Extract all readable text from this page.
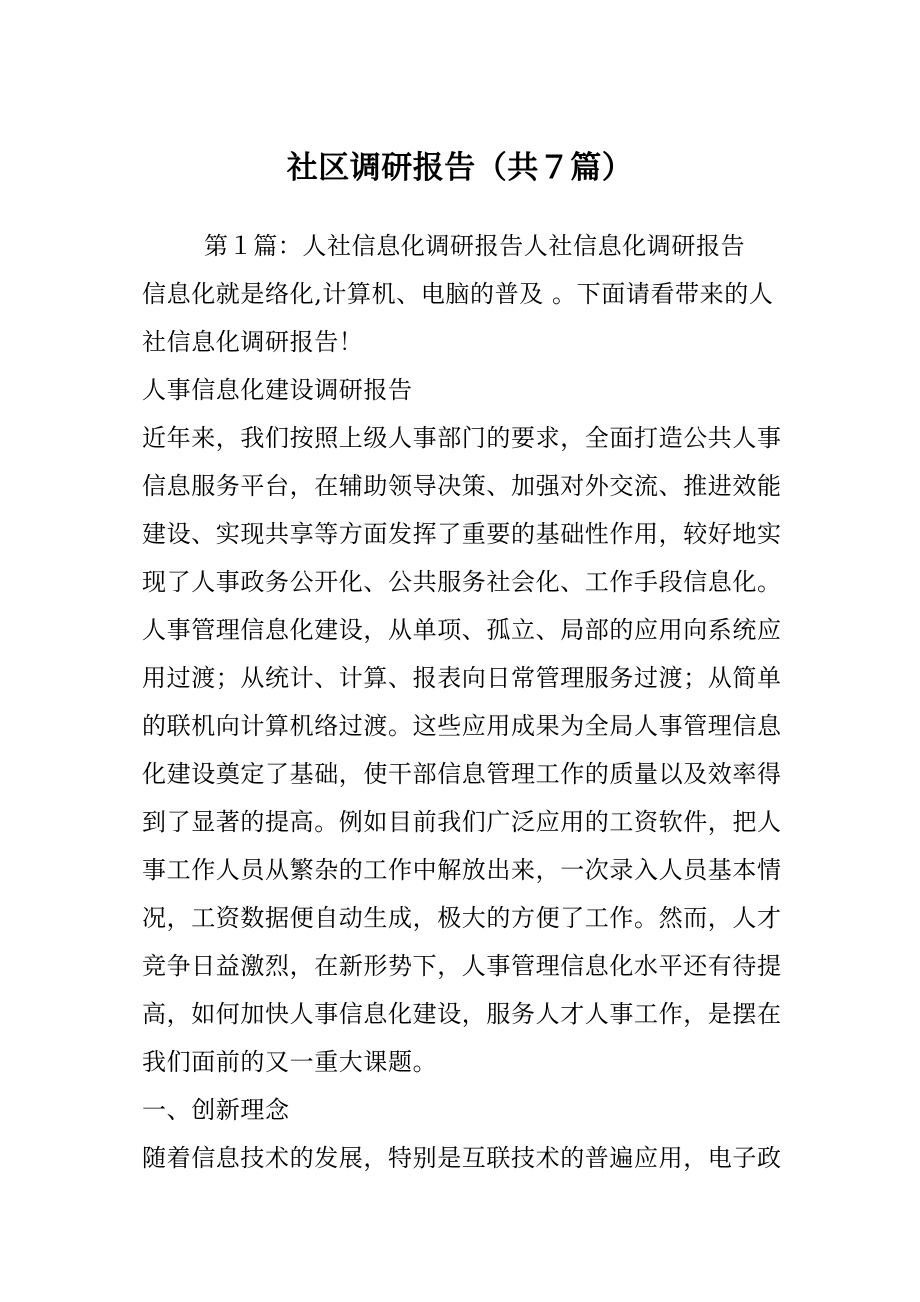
社区调研报告（共７篇）
第１篇：人社信息化调研报告人社信息化调研报告
信息化就是络化,计算机、电脑的普及 。下面请看带来的人
社信息化调研报告！
人事信息化建设调研报告
近年来，我们按照上级人事部门的要求，全面打造公共人事
信息服务平台，在辅助领导决策、加强对外交流、推进效能
建设、实现共享等方面发挥了重要的基础性作用，较好地实
现了人事政务公开化、公共服务社会化、工作手段信息化。
人事管理信息化建设，从单项、孤立、局部的应用向系统应
用过渡；从统计、计算、报表向日常管理服务过渡；从简单
的联机向计算机络过渡。这些应用成果为全局人事管理信息
化建设奠定了基础，使干部信息管理工作的质量以及效率得
到了显著的提高。例如目前我们广泛应用的工资软件，把人
事工作人员从繁杂的工作中解放出来，一次录入人员基本情
况，工资数据便自动生成，极大的方便了工作。然而，人才
竞争日益激烈，在新形势下，人事管理信息化水平还有待提
高，如何加快人事信息化建设，服务人才人事工作，是摆在
我们面前的又一重大课题。
一、创新理念
随着信息技术的发展，特别是互联技术的普遍应用，电子政
